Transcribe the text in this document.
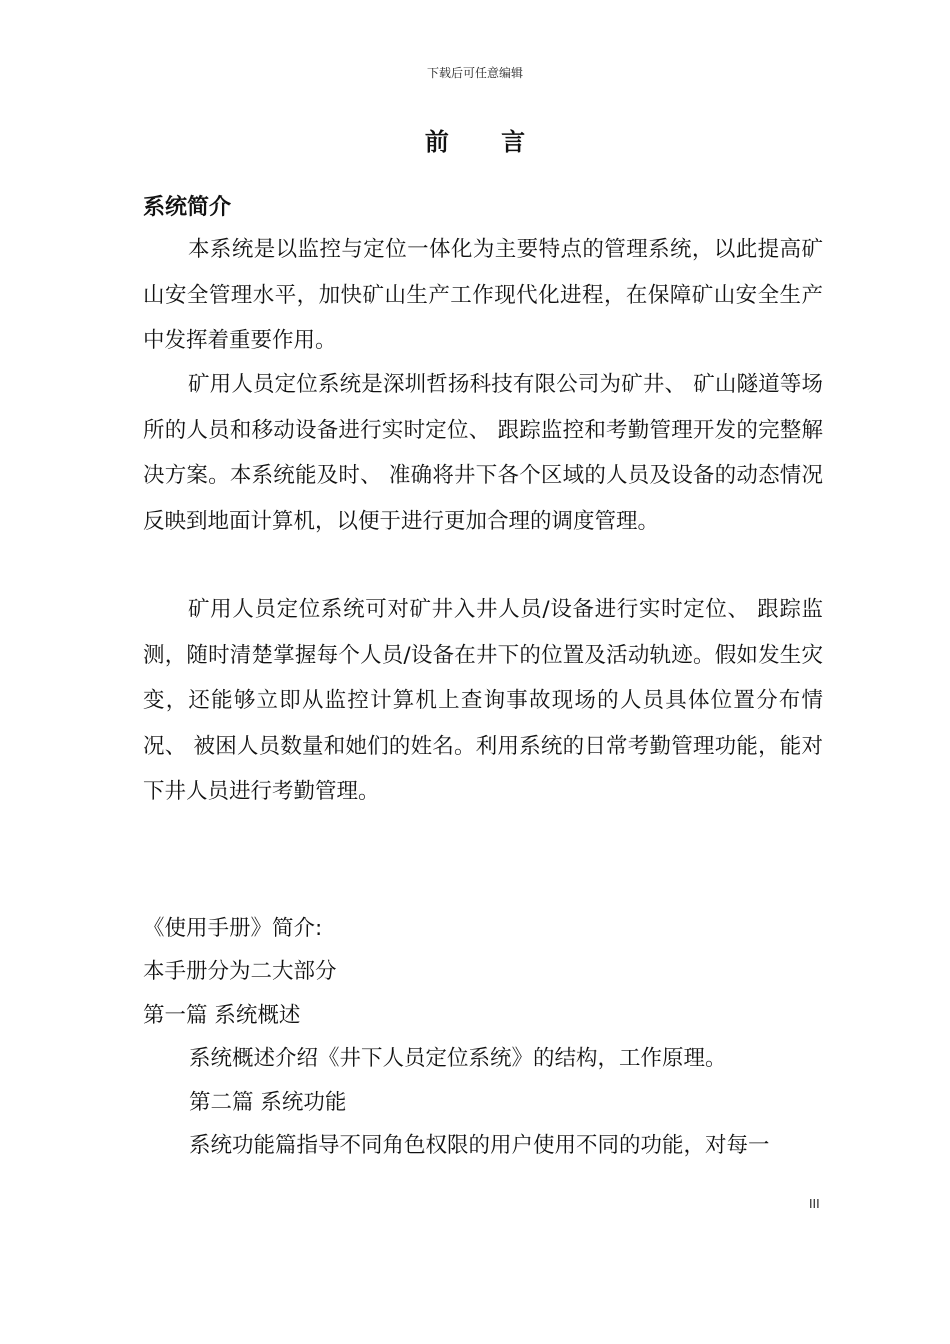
下载后可任意编辑
前 言
系统简介

本系统是以监控与定位一体化为主要特点的管理系统，以此提高矿山安全管理水平，加快矿山生产工作现代化进程，在保障矿山安全生产中发挥着重要作用。

矿用人员定位系统是深圳哲扬科技有限公司为矿井、 矿山隧道等场所的人员和移动设备进行实时定位、 跟踪监控和考勤管理开发的完整解决方案。本系统能及时、 准确将井下各个区域的人员及设备的动态情况反映到地面计算机，以便于进行更加合理的调度管理。

矿用人员定位系统可对矿井入井人员/设备进行实时定位、 跟踪监测，随时清楚掌握每个人员/设备在井下的位置及活动轨迹。假如发生灾变，还能够立即从监控计算机上查询事故现场的人员具体位置分布情况、 被困人员数量和她们的姓名。利用系统的日常考勤管理功能，能对下井人员进行考勤管理。

《使用手册》简介:
本手册分为二大部分
第一篇 系统概述
系统概述介绍《井下人员定位系统》的结构，工作原理。
第二篇 系统功能
系统功能篇指导不同角色权限的用户使用不同的功能，对每一
III
